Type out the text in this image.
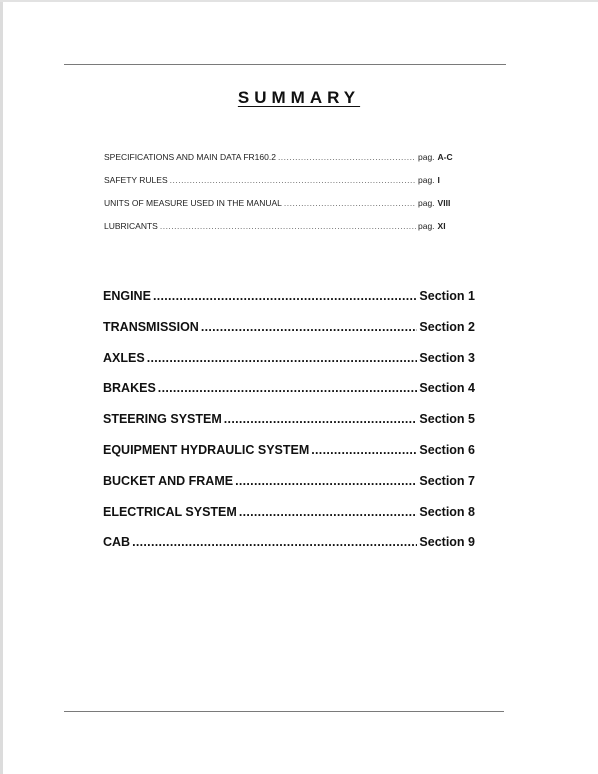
SUMMARY
SPECIFICATIONS AND MAIN DATA FR160.2 .....	pag. A-C
SAFETY RULES .....	pag. I
UNITS OF MEASURE USED IN THE MANUAL .....	pag. VIII
LUBRICANTS .....	pag. XI
ENGINE .....	Section 1
TRANSMISSION .....	Section 2
AXLES .....	Section 3
BRAKES .....	Section 4
STEERING SYSTEM .....	Section 5
EQUIPMENT HYDRAULIC SYSTEM .....	Section 6
BUCKET AND FRAME .....	Section 7
ELECTRICAL SYSTEM .....	Section 8
CAB .....	Section 9
